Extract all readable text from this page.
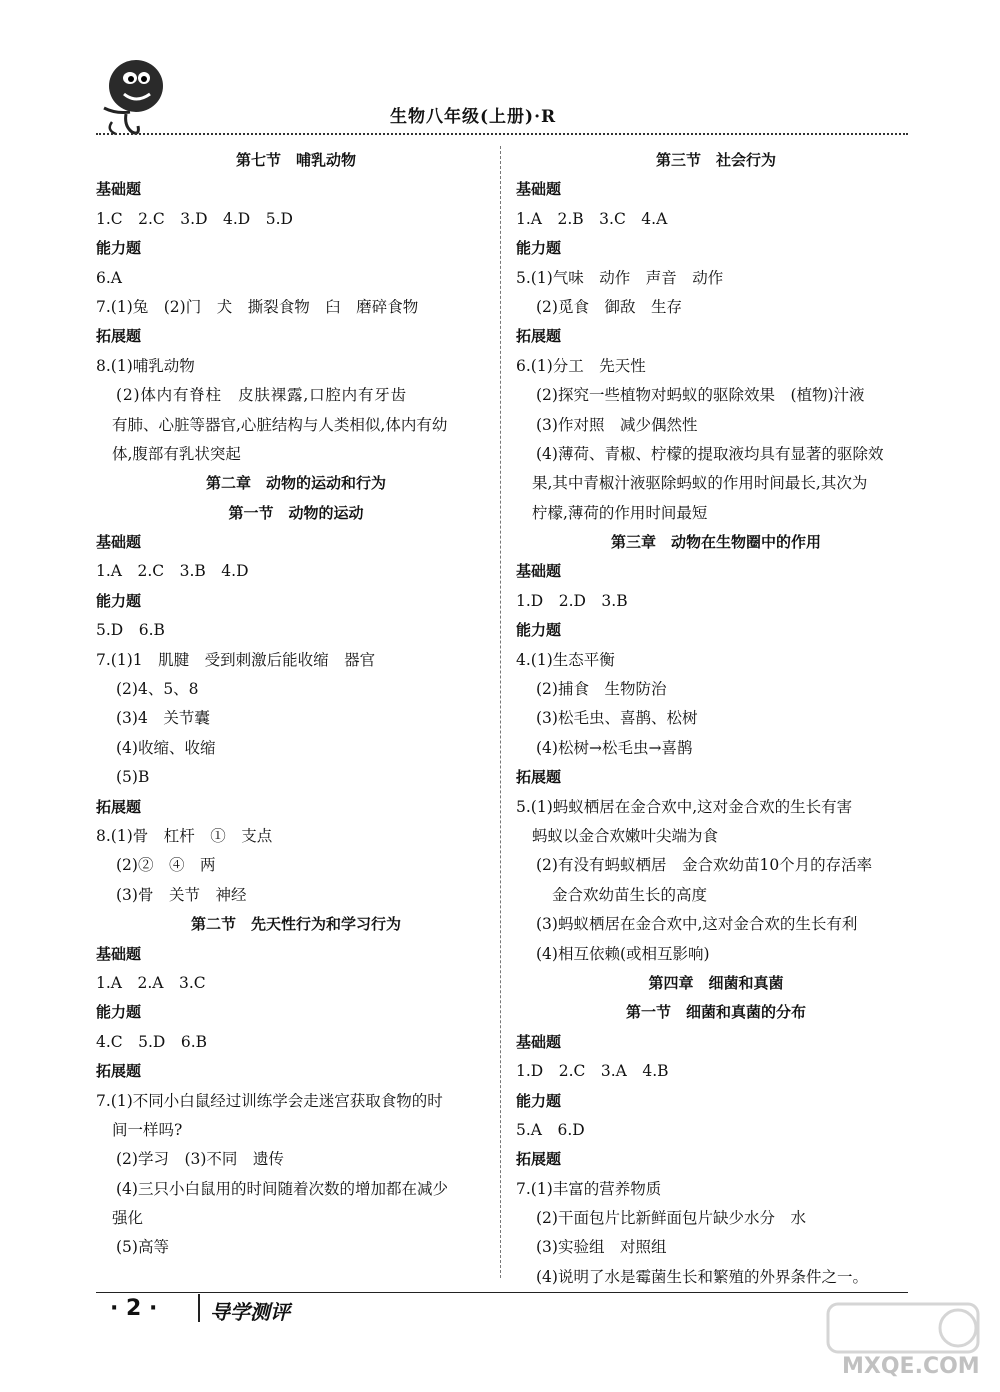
生物八年级(上册)·R
第七节　哺乳动物
基础题
1.C　2.C　3.D　4.D　5.D
能力题
6.A
7.(1)兔　(2)门　犬　撕裂食物　臼　磨碎食物
拓展题
8.(1)哺乳动物
(2)体内有脊柱　皮肤裸露,口腔内有牙齿
有肺、心脏等器官,心脏结构与人类相似,体内有幼
体,腹部有乳状突起
第二章　动物的运动和行为
第一节　动物的运动
基础题
1.A　2.C　3.B　4.D
能力题
5.D　6.B
7.(1)1　肌腱　受到刺激后能收缩　器官
(2)4、5、8
(3)4　关节囊
(4)收缩、收缩
(5)B
拓展题
8.(1)骨　杠杆　①　支点
(2)②　④　两
(3)骨　关节　神经
第二节　先天性行为和学习行为
基础题
1.A　2.A　3.C
能力题
4.C　5.D　6.B
拓展题
7.(1)不同小白鼠经过训练学会走迷宫获取食物的时
间一样吗?
(2)学习　(3)不同　遗传
(4)三只小白鼠用的时间随着次数的增加都在减少
强化
(5)高等
第三节　社会行为
基础题
1.A　2.B　3.C　4.A
能力题
5.(1)气味　动作　声音　动作
(2)觅食　御敌　生存
拓展题
6.(1)分工　先天性
(2)探究一些植物对蚂蚁的驱除效果　(植物)汁液
(3)作对照　减少偶然性
(4)薄荷、青椒、柠檬的提取液均具有显著的驱除效
果,其中青椒汁液驱除蚂蚁的作用时间最长,其次为
柠檬,薄荷的作用时间最短
第三章　动物在生物圈中的作用
基础题
1.D　2.D　3.B
能力题
4.(1)生态平衡
(2)捕食　生物防治
(3)松毛虫、喜鹊、松树
(4)松树→松毛虫→喜鹊
拓展题
5.(1)蚂蚁栖居在金合欢中,这对金合欢的生长有害
蚂蚁以金合欢嫩叶尖端为食
(2)有没有蚂蚁栖居　金合欢幼苗10个月的存活率
金合欢幼苗生长的高度
(3)蚂蚁栖居在金合欢中,这对金合欢的生长有利
(4)相互依赖(或相互影响)
第四章　细菌和真菌
第一节　细菌和真菌的分布
基础题
1.D　2.C　3.A　4.B
能力题
5.A　6.D
拓展题
7.(1)丰富的营养物质
(2)干面包片比新鲜面包片缺少水分　水
(3)实验组　对照组
(4)说明了水是霉菌生长和繁殖的外界条件之一。
· 2 ·	导学测评
MXQE.COM
